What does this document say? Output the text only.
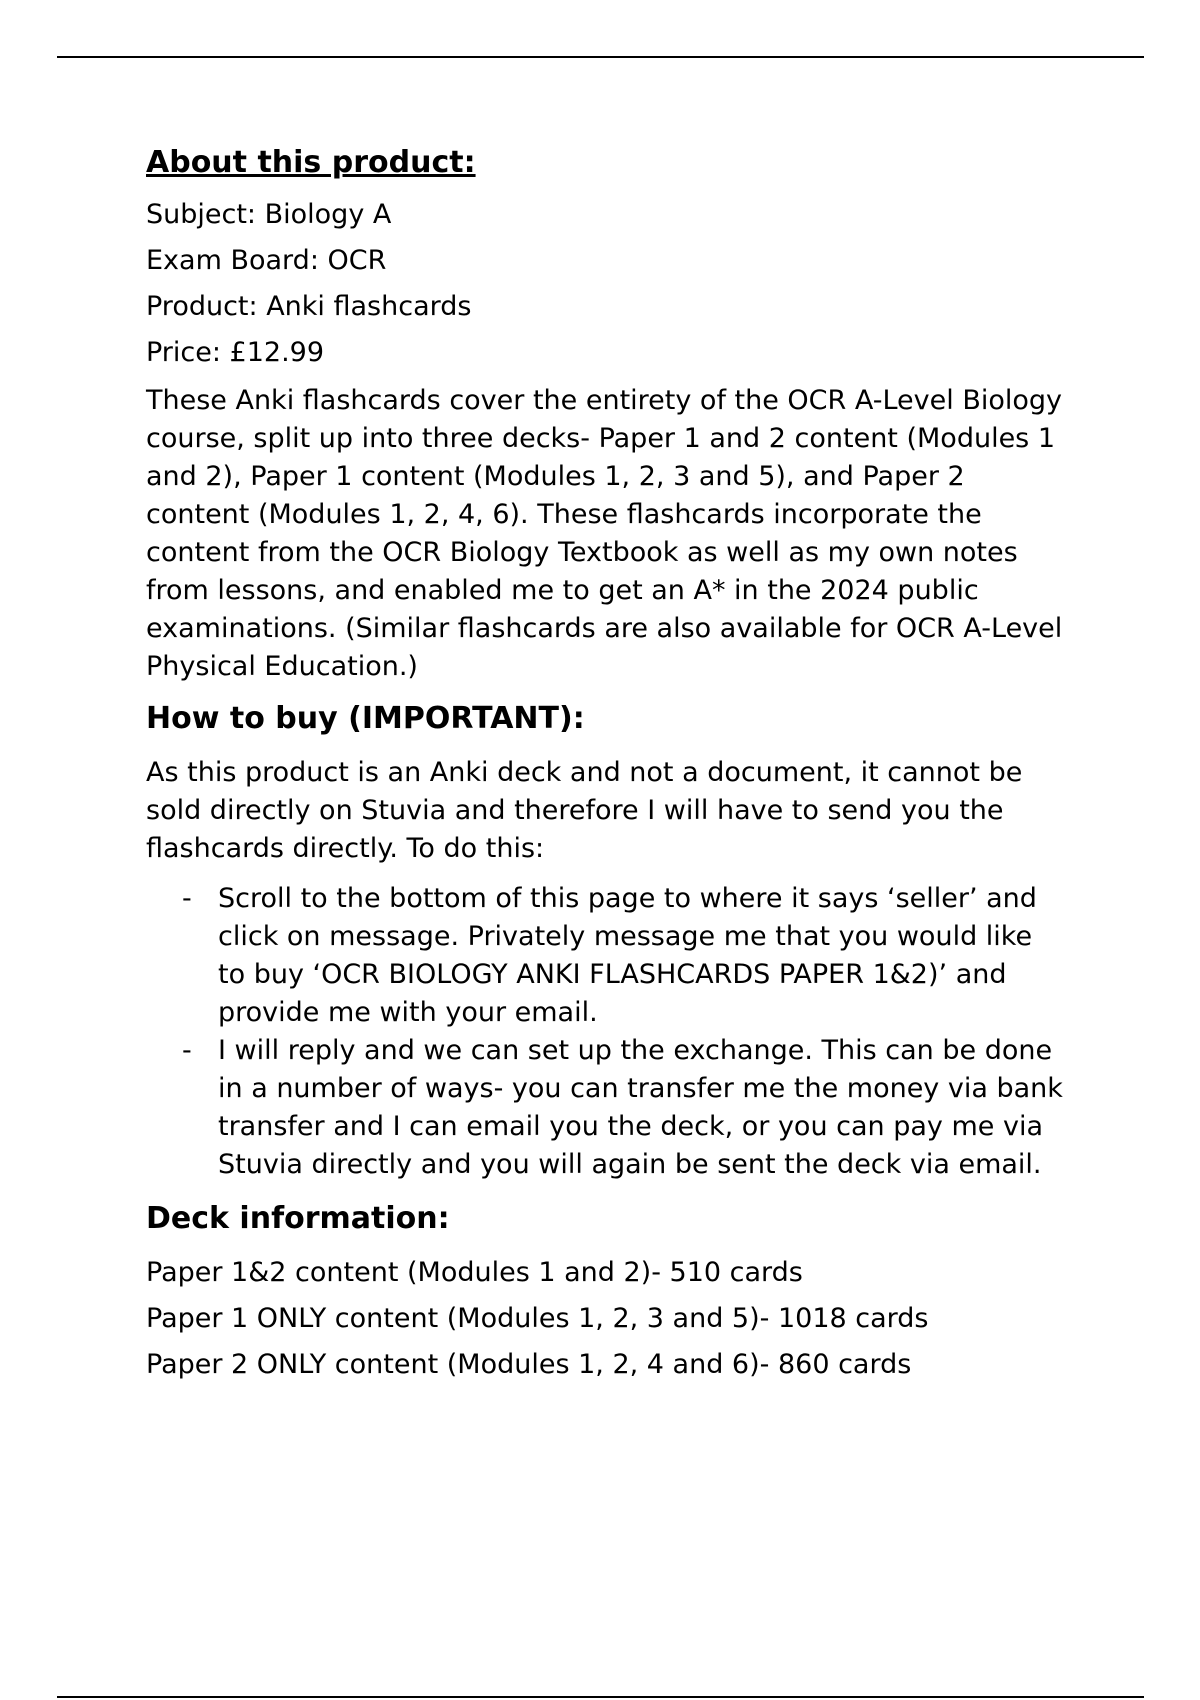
About this product:

Subject: Biology A

Exam Board: OCR

Product: Anki flashcards

Price: £12.99

These Anki flashcards cover the entirety of the OCR A-Level Biology course, split up into three decks- Paper 1 and 2 content (Modules 1 and 2), Paper 1 content (Modules 1, 2, 3 and 5), and Paper 2 content (Modules 1, 2, 4, 6). These flashcards incorporate the content from the OCR Biology Textbook as well as my own notes from lessons, and enabled me to get an A* in the 2024 public examinations. (Similar flashcards are also available for OCR A-Level Physical Education.)

How to buy (IMPORTANT):

As this product is an Anki deck and not a document, it cannot be sold directly on Stuvia and therefore I will have to send you the flashcards directly. To do this:

- Scroll to the bottom of this page to where it says ‘seller’ and click on message. Privately message me that you would like to buy ‘OCR BIOLOGY ANKI FLASHCARDS PAPER 1&2)’ and provide me with your email.
- I will reply and we can set up the exchange. This can be done in a number of ways- you can transfer me the money via bank transfer and I can email you the deck, or you can pay me via Stuvia directly and you will again be sent the deck via email.
Deck information:

Paper 1&2 content (Modules 1 and 2)- 510 cards

Paper 1 ONLY content (Modules 1, 2, 3 and 5)- 1018 cards

Paper 2 ONLY content (Modules 1, 2, 4 and 6)- 860 cards
